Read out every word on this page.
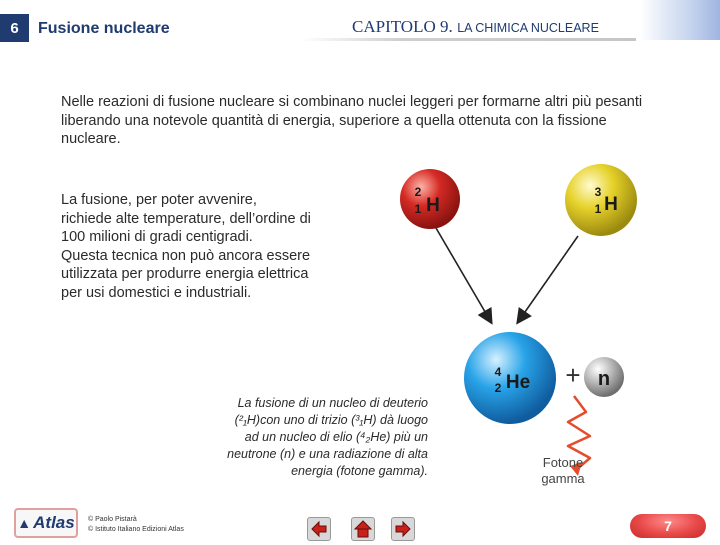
6	Fusione nucleare	CAPITOLO 9. LA CHIMICA NUCLEARE

Nelle reazioni di fusione nucleare si combinano nuclei leggeri per formarne altri più pesanti liberando una notevole quantità di energia, superiore a quella ottenuta con la fissione nucleare.

La fusione, per poter avvenire,
richiede alte temperature, dell’ordine di
100 milioni di gradi centigradi.
Questa tecnica non può ancora essere
utilizzata per produrre energia elettrica
per usi domestici e industriali.

La fusione di un nucleo di deuterio
(²₁H)con uno di trizio (³₁H) dà luogo
ad un nucleo di elio (⁴₂He) più un
neutrone (n) e una radiazione di alta
energia (fotone gamma).

2
1 H
3
1 H
4
2 He + n
Fotone
gamma
▲ Atlas © Paolo Pistarà
© Istituto Italiano Edizioni Atlas	7
